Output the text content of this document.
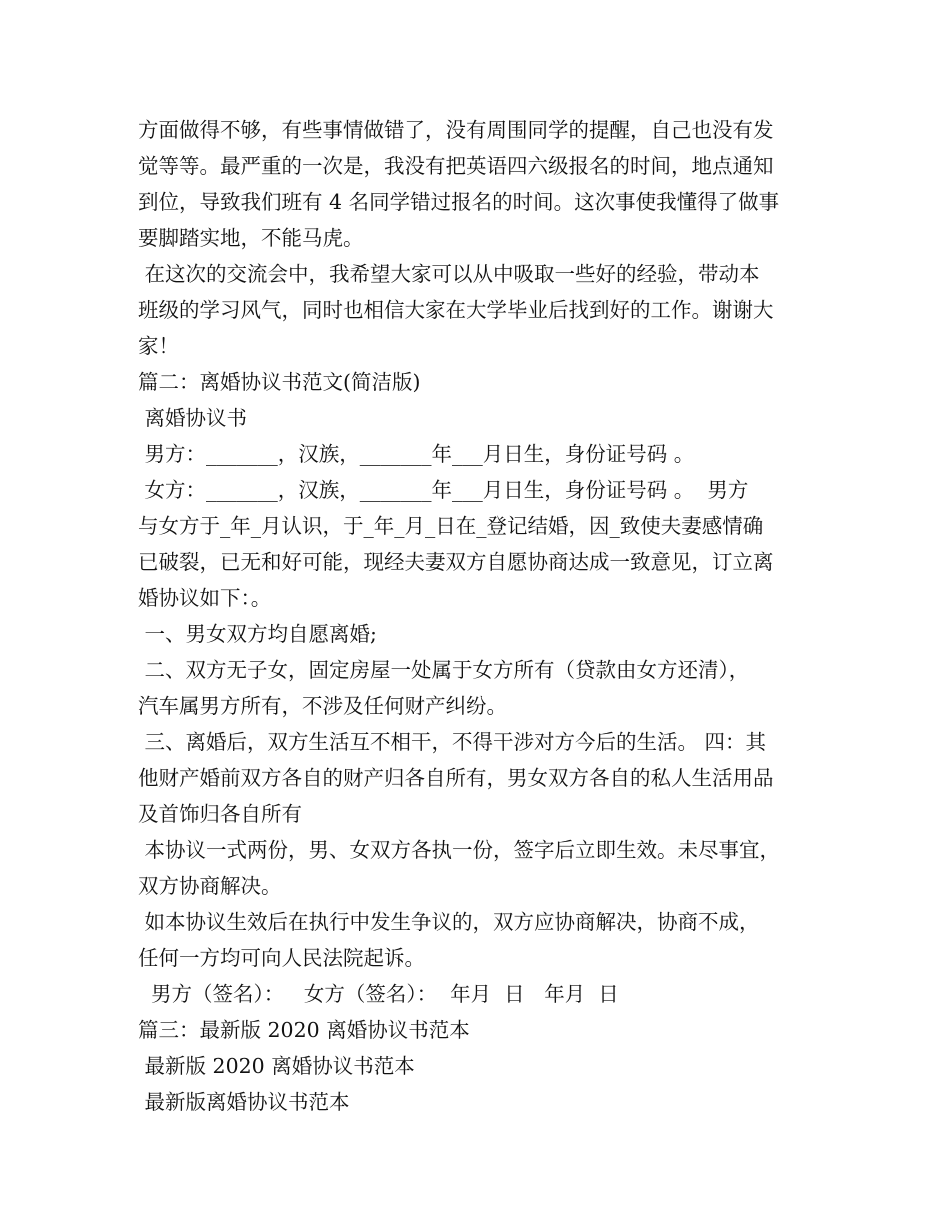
方面做得不够，有些事情做错了，没有周围同学的提醒，自己也没有发

觉等等。最严重的一次是，我没有把英语四六级报名的时间，地点通知

到位，导致我们班有 4 名同学错过报名的时间。这次事使我懂得了做事

要脚踏实地，不能马虎。

在这次的交流会中，我希望大家可以从中吸取一些好的经验，带动本

班级的学习风气，同时也相信大家在大学毕业后找到好的工作。谢谢大

家！

篇二：离婚协议书范文(简洁版)

离婚协议书

男方：_______，汉族，_______年___月日生，身份证号码 。

女方：_______，汉族，_______年___月日生，身份证号码 。  男方

与女方于_年_月认识，于_年_月_日在_登记结婚，因_致使夫妻感情确

已破裂，已无和好可能，现经夫妻双方自愿协商达成一致意见，订立离

婚协议如下：。

一、男女双方均自愿离婚;

二、双方无子女，固定房屋一处属于女方所有（贷款由女方还清），

汽车属男方所有，不涉及任何财产纠纷。

三、离婚后，双方生活互不相干，不得干涉对方今后的生活。 四：其

他财产婚前双方各自的财产归各自所有，男女双方各自的私人生活用品

及首饰归各自所有

本协议一式两份，男、女双方各执一份，签字后立即生效。未尽事宜，

双方协商解决。

如本协议生效后在执行中发生争议的，双方应协商解决，协商不成，

任何一方均可向人民法院起诉。

男方（签名）：   女方（签名）：  年月  日   年月  日

篇三：最新版 2020 离婚协议书范本

最新版 2020 离婚协议书范本

最新版离婚协议书范本
